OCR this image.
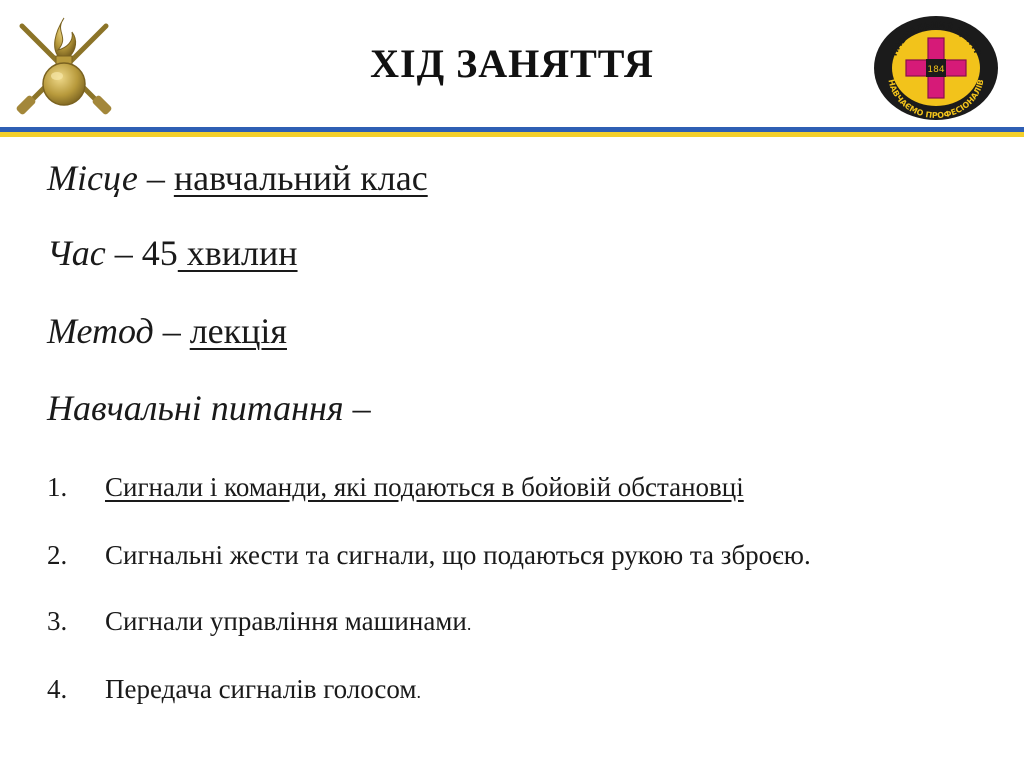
ХІД ЗАНЯТТЯ	184
НАВЧАЛЬНИЙ ЦЕНТР
НАВЧАЄМО ПРОФЕСІОНАЛІВ
Місце – навчальний клас
Час – 45 хвилин
Метод – лекція
Навчальні питання –
1. Сигнали і команди, які подаються в бойовій обстановці
2. Сигнальні жести та сигнали, що подаються рукою та зброєю.
3. Сигнали управління машинами.
4. Передача сигналів голосом.
